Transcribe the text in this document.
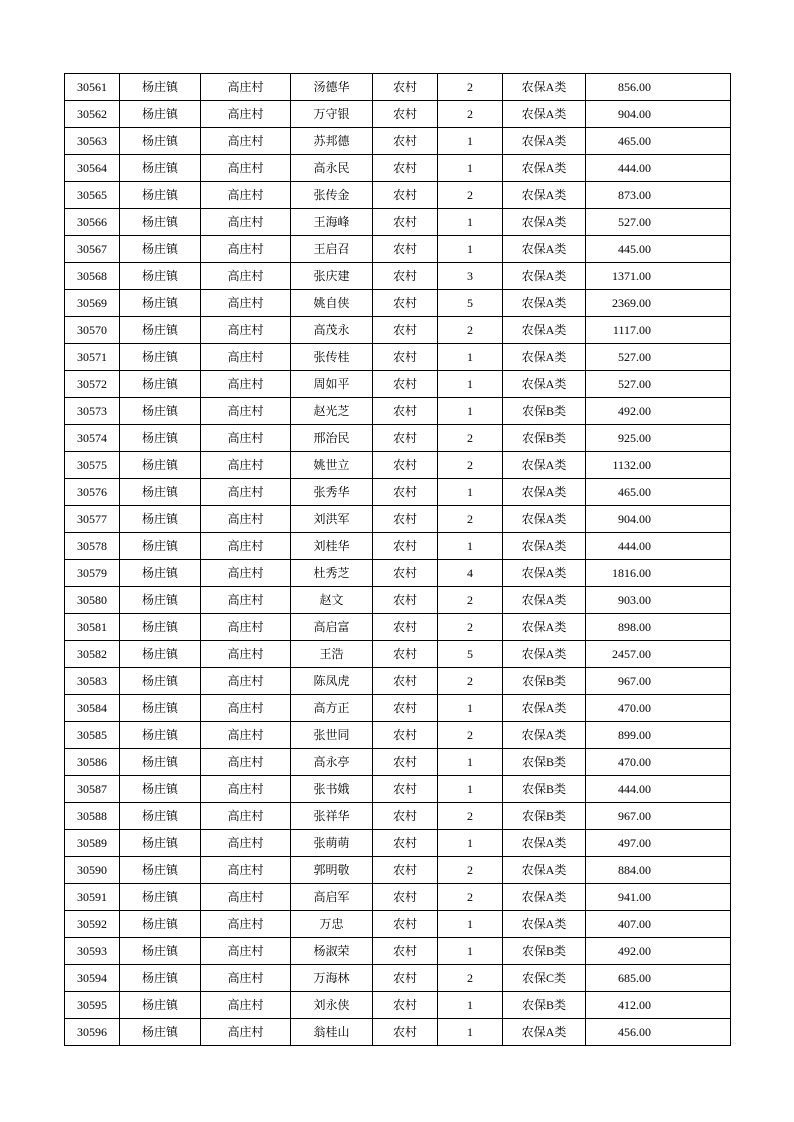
30561	杨庄镇	高庄村	汤德华	农村	2	农保A类	856.00
30562	杨庄镇	高庄村	万守银	农村	2	农保A类	904.00
30563	杨庄镇	高庄村	苏邦德	农村	1	农保A类	465.00
30564	杨庄镇	高庄村	高永民	农村	1	农保A类	444.00
30565	杨庄镇	高庄村	张传金	农村	2	农保A类	873.00
30566	杨庄镇	高庄村	王海峰	农村	1	农保A类	527.00
30567	杨庄镇	高庄村	王启召	农村	1	农保A类	445.00
30568	杨庄镇	高庄村	张庆建	农村	3	农保A类	1371.00
30569	杨庄镇	高庄村	姚自侠	农村	5	农保A类	2369.00
30570	杨庄镇	高庄村	高茂永	农村	2	农保A类	1117.00
30571	杨庄镇	高庄村	张传桂	农村	1	农保A类	527.00
30572	杨庄镇	高庄村	周如平	农村	1	农保A类	527.00
30573	杨庄镇	高庄村	赵光芝	农村	1	农保B类	492.00
30574	杨庄镇	高庄村	邢治民	农村	2	农保B类	925.00
30575	杨庄镇	高庄村	姚世立	农村	2	农保A类	1132.00
30576	杨庄镇	高庄村	张秀华	农村	1	农保A类	465.00
30577	杨庄镇	高庄村	刘洪军	农村	2	农保A类	904.00
30578	杨庄镇	高庄村	刘桂华	农村	1	农保A类	444.00
30579	杨庄镇	高庄村	杜秀芝	农村	4	农保A类	1816.00
30580	杨庄镇	高庄村	赵文	农村	2	农保A类	903.00
30581	杨庄镇	高庄村	高启富	农村	2	农保A类	898.00
30582	杨庄镇	高庄村	王浩	农村	5	农保A类	2457.00
30583	杨庄镇	高庄村	陈凤虎	农村	2	农保B类	967.00
30584	杨庄镇	高庄村	高方正	农村	1	农保A类	470.00
30585	杨庄镇	高庄村	张世同	农村	2	农保A类	899.00
30586	杨庄镇	高庄村	高永亭	农村	1	农保B类	470.00
30587	杨庄镇	高庄村	张书娥	农村	1	农保B类	444.00
30588	杨庄镇	高庄村	张祥华	农村	2	农保B类	967.00
30589	杨庄镇	高庄村	张萌萌	农村	1	农保A类	497.00
30590	杨庄镇	高庄村	郭明敬	农村	2	农保A类	884.00
30591	杨庄镇	高庄村	高启军	农村	2	农保A类	941.00
30592	杨庄镇	高庄村	万忠	农村	1	农保A类	407.00
30593	杨庄镇	高庄村	杨淑荣	农村	1	农保B类	492.00
30594	杨庄镇	高庄村	万海林	农村	2	农保C类	685.00
30595	杨庄镇	高庄村	刘永侠	农村	1	农保B类	412.00
30596	杨庄镇	高庄村	翁桂山	农村	1	农保A类	456.00
